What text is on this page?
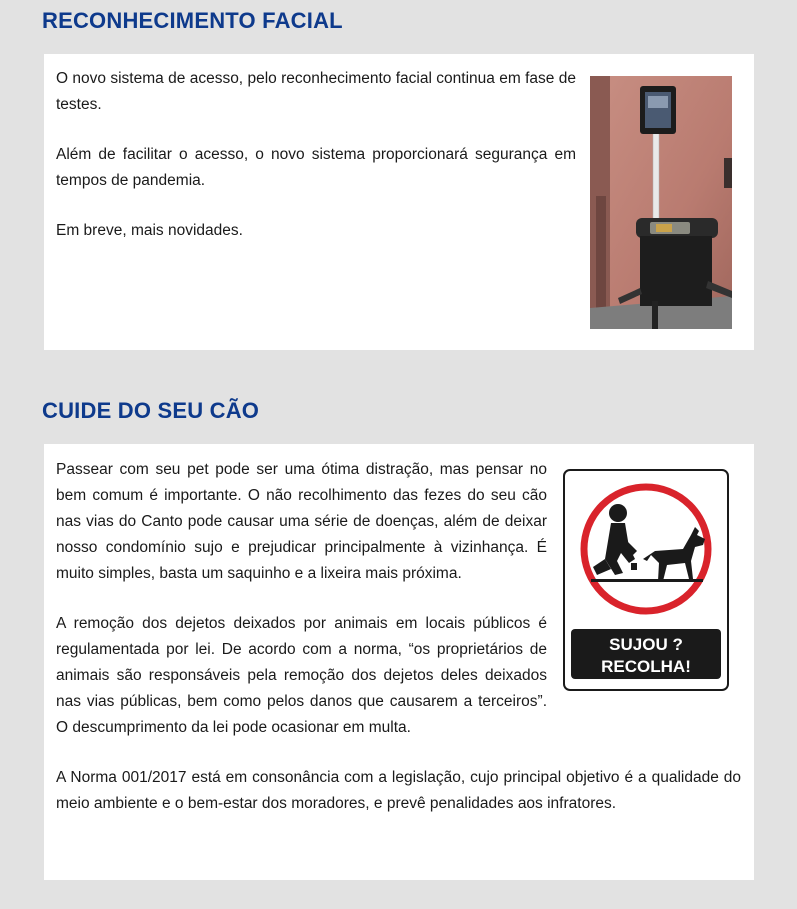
RECONHECIMENTO FACIAL

O novo sistema de acesso, pelo reconhecimento facial continua em fase de testes.

Além de facilitar o acesso, o novo sistema proporcionará segurança em tempos de pandemia.

Em breve, mais novidades.

CUIDE DO SEU CÃO
SUJOU ?
RECOLHA!

Passear com seu pet pode ser uma ótima distração, mas pensar no bem comum é importante. O não recolhimento das fezes do seu cão nas vias do Canto pode causar uma série de doenças, além de deixar nosso condomínio sujo e prejudicar principalmente à vizinhança. É muito simples, basta um saquinho e a lixeira mais próxima.

A remoção dos dejetos deixados por animais em locais públicos é regulamentada por lei. De acordo com a norma, “os proprietários de animais são responsáveis pela remoção dos dejetos deles deixados nas vias públicas, bem como pelos danos que causarem a terceiros”. O descumprimento da lei pode ocasionar em multa.

A Norma 001/2017 está em consonância com a legislação, cujo principal objetivo é a qualidade do meio ambiente e o bem-estar dos moradores, e prevê penalidades aos infratores.
